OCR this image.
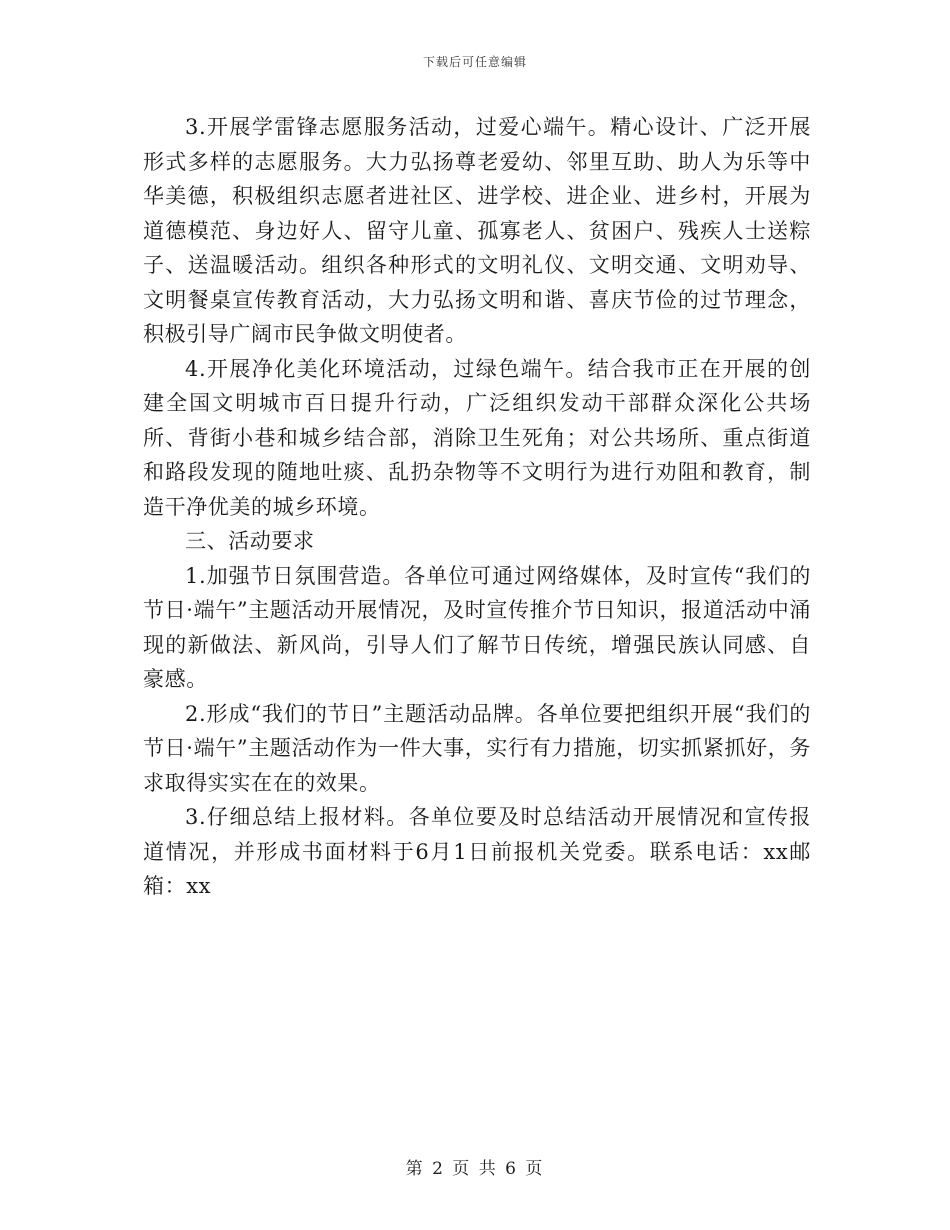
下载后可任意编辑

3.开展学雷锋志愿服务活动，过爱心端午。精心设计、广泛开展形式多样的志愿服务。大力弘扬尊老爱幼、邻里互助、助人为乐等中华美德，积极组织志愿者进社区、进学校、进企业、进乡村，开展为道德模范、身边好人、留守儿童、孤寡老人、贫困户、残疾人士送粽子、送温暖活动。组织各种形式的文明礼仪、文明交通、文明劝导、文明餐桌宣传教育活动，大力弘扬文明和谐、喜庆节俭的过节理念，积极引导广阔市民争做文明使者。

4.开展净化美化环境活动，过绿色端午。结合我市正在开展的创建全国文明城市百日提升行动，广泛组织发动干部群众深化公共场所、背街小巷和城乡结合部，消除卫生死角；对公共场所、重点街道和路段发现的随地吐痰、乱扔杂物等不文明行为进行劝阻和教育，制造干净优美的城乡环境。

三、活动要求

1.加强节日氛围营造。各单位可通过网络媒体，及时宣传“我们的节日·端午”主题活动开展情况，及时宣传推介节日知识，报道活动中涌现的新做法、新风尚，引导人们了解节日传统，增强民族认同感、自豪感。

2.形成“我们的节日”主题活动品牌。各单位要把组织开展“我们的节日·端午”主题活动作为一件大事，实行有力措施，切实抓紧抓好，务求取得实实在在的效果。

3.仔细总结上报材料。各单位要及时总结活动开展情况和宣传报道情况，并形成书面材料于6月1日前报机关党委。联系电话：xx邮箱：xx

第 2 页 共 6 页
